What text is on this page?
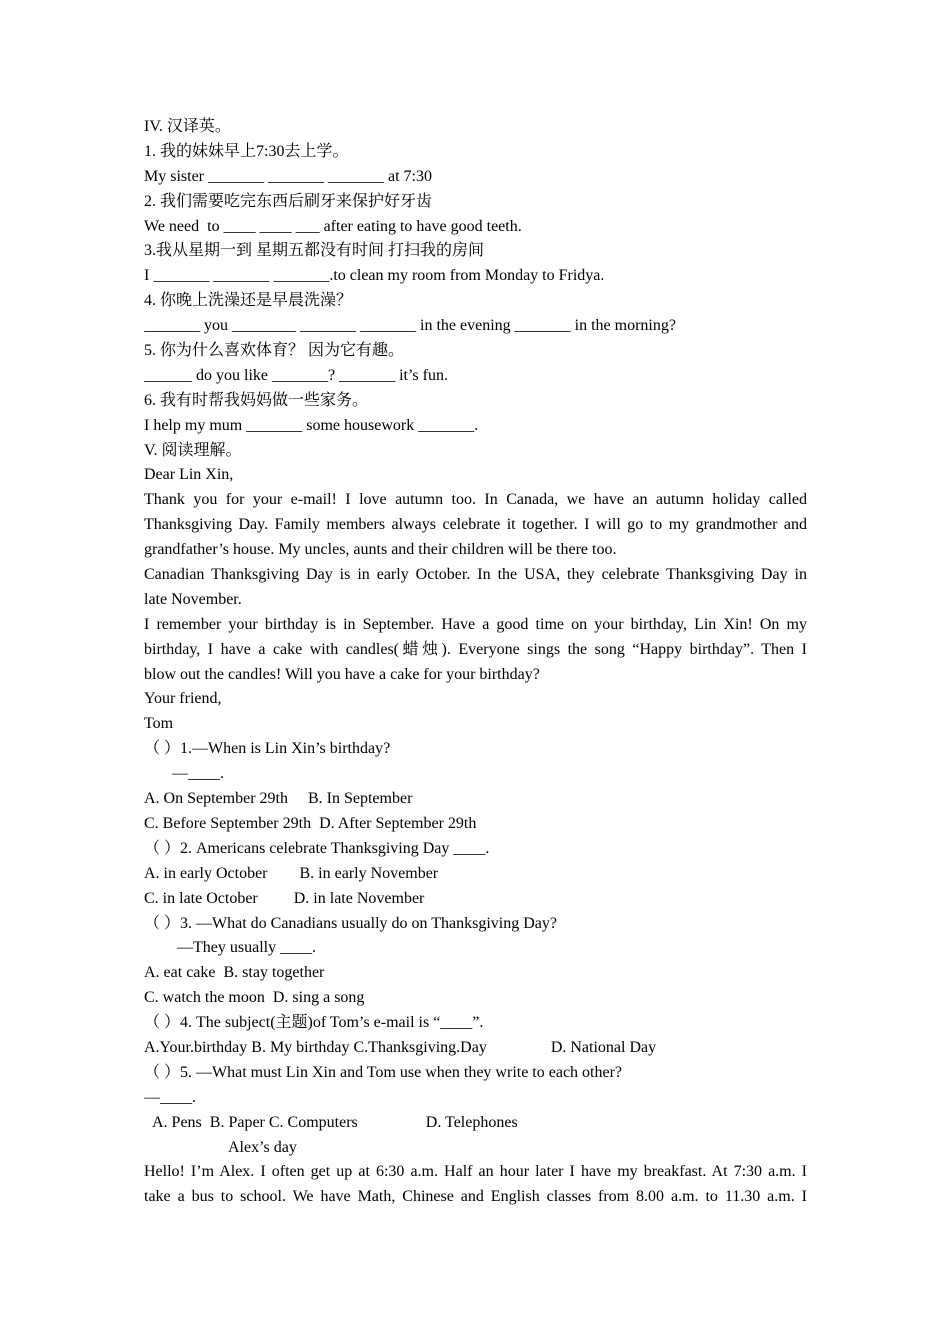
IV. 汉译英。
1. 我的妹妹早上7:30去上学。
My sister _______ _______ _______ at 7:30
2. 我们需要吃完东西后刷牙来保护好牙齿
We need  to ____ ____ ___ after eating to have good teeth.
3.我从星期一到 星期五都没有时间 打扫我的房间
I _______ _______ _______.to clean my room from Monday to Fridya.
4. 你晚上洗澡还是早晨洗澡？
_______ you ________ _______ _______ in the evening _______ in the morning?
5. 你为什么喜欢体育？ 因为它有趣。
______ do you like _______? _______ it’s fun.
6. 我有时帮我妈妈做一些家务。
I help my mum _______ some housework _______.
V. 阅读理解。
Dear Lin Xin,
Thank you for your e-mail! I love autumn too. In Canada, we have an autumn holiday called
Thanksgiving Day. Family members always celebrate it together. I will go to my grandmother and
grandfather’s house. My uncles, aunts and their children will be there too.
Canadian Thanksgiving Day is in early October. In the USA, they celebrate Thanksgiving Day in
late November.
I remember your birthday is in September. Have a good time on your birthday, Lin Xin! On my
birthday, I have a cake with candles(蜡烛). Everyone sings the song “Happy birthday”. Then I
blow out the candles! Will you have a cake for your birthday?
Your friend,
Tom
（ ）1.—When is Lin Xin’s birthday?
—____.
A. On September 29th     B. In September
C. Before September 29th  D. After September 29th
（ ）2. Americans celebrate Thanksgiving Day ____.
A. in early October        B. in early November
C. in late October         D. in late November
（ ）3. —What do Canadians usually do on Thanksgiving Day?
—They usually ____.
A. eat cake  B. stay together
C. watch the moon  D. sing a song
（ ）4. The subject(主题)of Tom’s e-mail is “____”.
A.Your.birthday B. My birthday C.Thanksgiving.Day                D. National Day
（ ）5. —What must Lin Xin and Tom use when they write to each other?
—____.
A. Pens  B. Paper C. Computers                 D. Telephones
Alex’s day
Hello! I’m Alex. I often get up at 6:30 a.m. Half an hour later I have my breakfast. At 7:30 a.m. I
take a bus to school. We have Math, Chinese and English classes from 8.00 a.m. to 11.30 a.m. I
